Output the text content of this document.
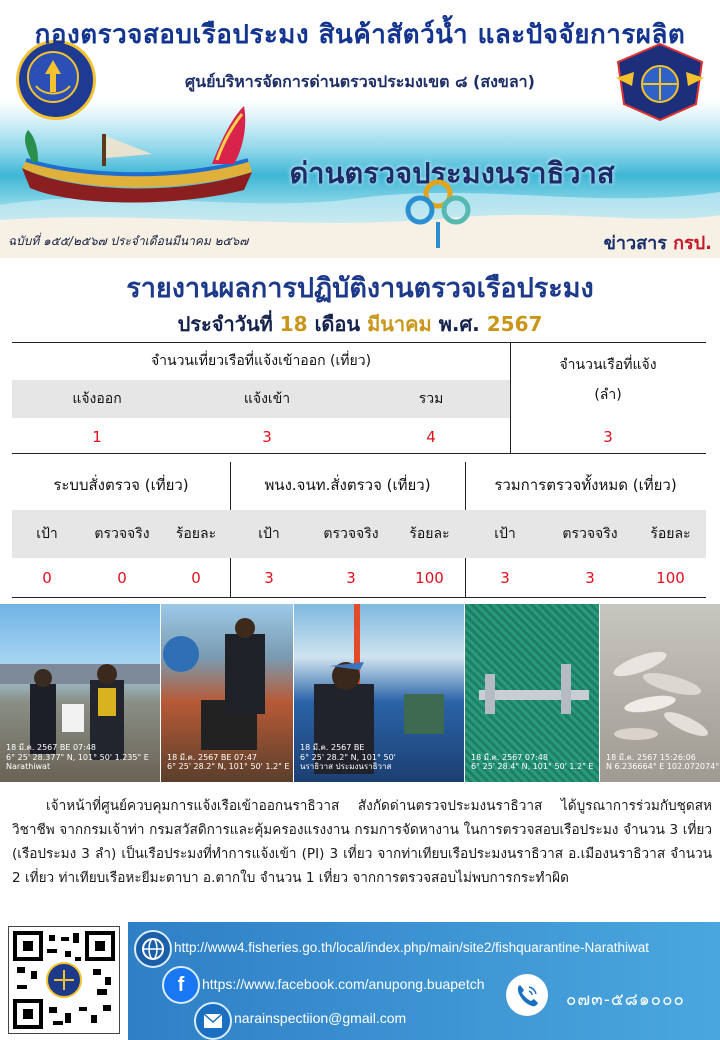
กองตรวจสอบเรือประมง สินค้าสัตว์น้ำ และปัจจัยการผลิต
ศูนย์บริหารจัดการด่านตรวจประมงเขต ๘ (สงขลา)
ด่านตรวจประมงนราธิวาส
ฉบับที่ ๑๕๕/๒๕๖๗ ประจำเดือนมีนาคม ๒๕๖๗	ข่าวสาร กรป.
รายงานผลการปฏิบัติงานตรวจเรือประมง
ประจำวันที่ 18 เดือน มีนาคม พ.ศ. 2567
จำนวนเที่ยวเรือที่แจ้งเข้าออก (เที่ยว)
แจ้งออก	แจ้งเข้า	รวม
จำนวนเรือที่แจ้ง
(ลำ)
1	3	4	3
ระบบสั่งตรวจ (เที่ยว)	พนง.จนท.สั่งตรวจ (เที่ยว)	รวมการตรวจทั้งหมด (เที่ยว)
เป้า	ตรวจจริง	ร้อยละ	เป้า	ตรวจจริง	ร้อยละ	เป้า	ตรวจจริง	ร้อยละ
0	0	0	3	3	100	3	3	100
18 มี.ค. 2567 BE 07:48
6° 25' 28.377" N, 101° 50' 1.235" E
Narathiwat
18 มี.ค. 2567 BE 07:47
6° 25' 28.2" N, 101° 50' 1.2" E
18 มี.ค. 2567 BE
6° 25' 28.2" N, 101° 50'
นราธิวาส ประมงนราธิวาส
18 มี.ค. 2567 07:48
6° 25' 28.4" N, 101° 50' 1.2" E
18 มี.ค. 2567 15:26:06
N 6.236664° E 102.072074°
เจ้าหน้าที่ศูนย์ควบคุมการแจ้งเรือเข้าออกนราธิวาส สังกัดด่านตรวจประมงนราธิวาส ได้บูรณาการร่วมกับชุดสหวิชาชีพ จากกรมเจ้าท่า กรมสวัสดิการและคุ้มครองแรงงาน กรมการจัดหางาน ในการตรวจสอบเรือประมง จำนวน 3 เที่ยว (เรือประมง 3 ลำ) เป็นเรือประมงที่ทำการแจ้งเข้า (PI) 3 เที่ยว จากท่าเทียบเรือประมงนราธิวาส อ.เมืองนราธิวาส จำนวน 2 เที่ยว ท่าเทียบเรือหะยีมะตาบา อ.ตากใบ จำนวน 1 เที่ยว จากการตรวจสอบไม่พบการกระทำผิด
http://www4.fisheries.go.th/local/index.php/main/site2/fishquarantine-Narathiwat
f https://www.facebook.com/anupong.buapetch
narainspectiion@gmail.com
๐๗๓-๕๘๑๐๐๐
